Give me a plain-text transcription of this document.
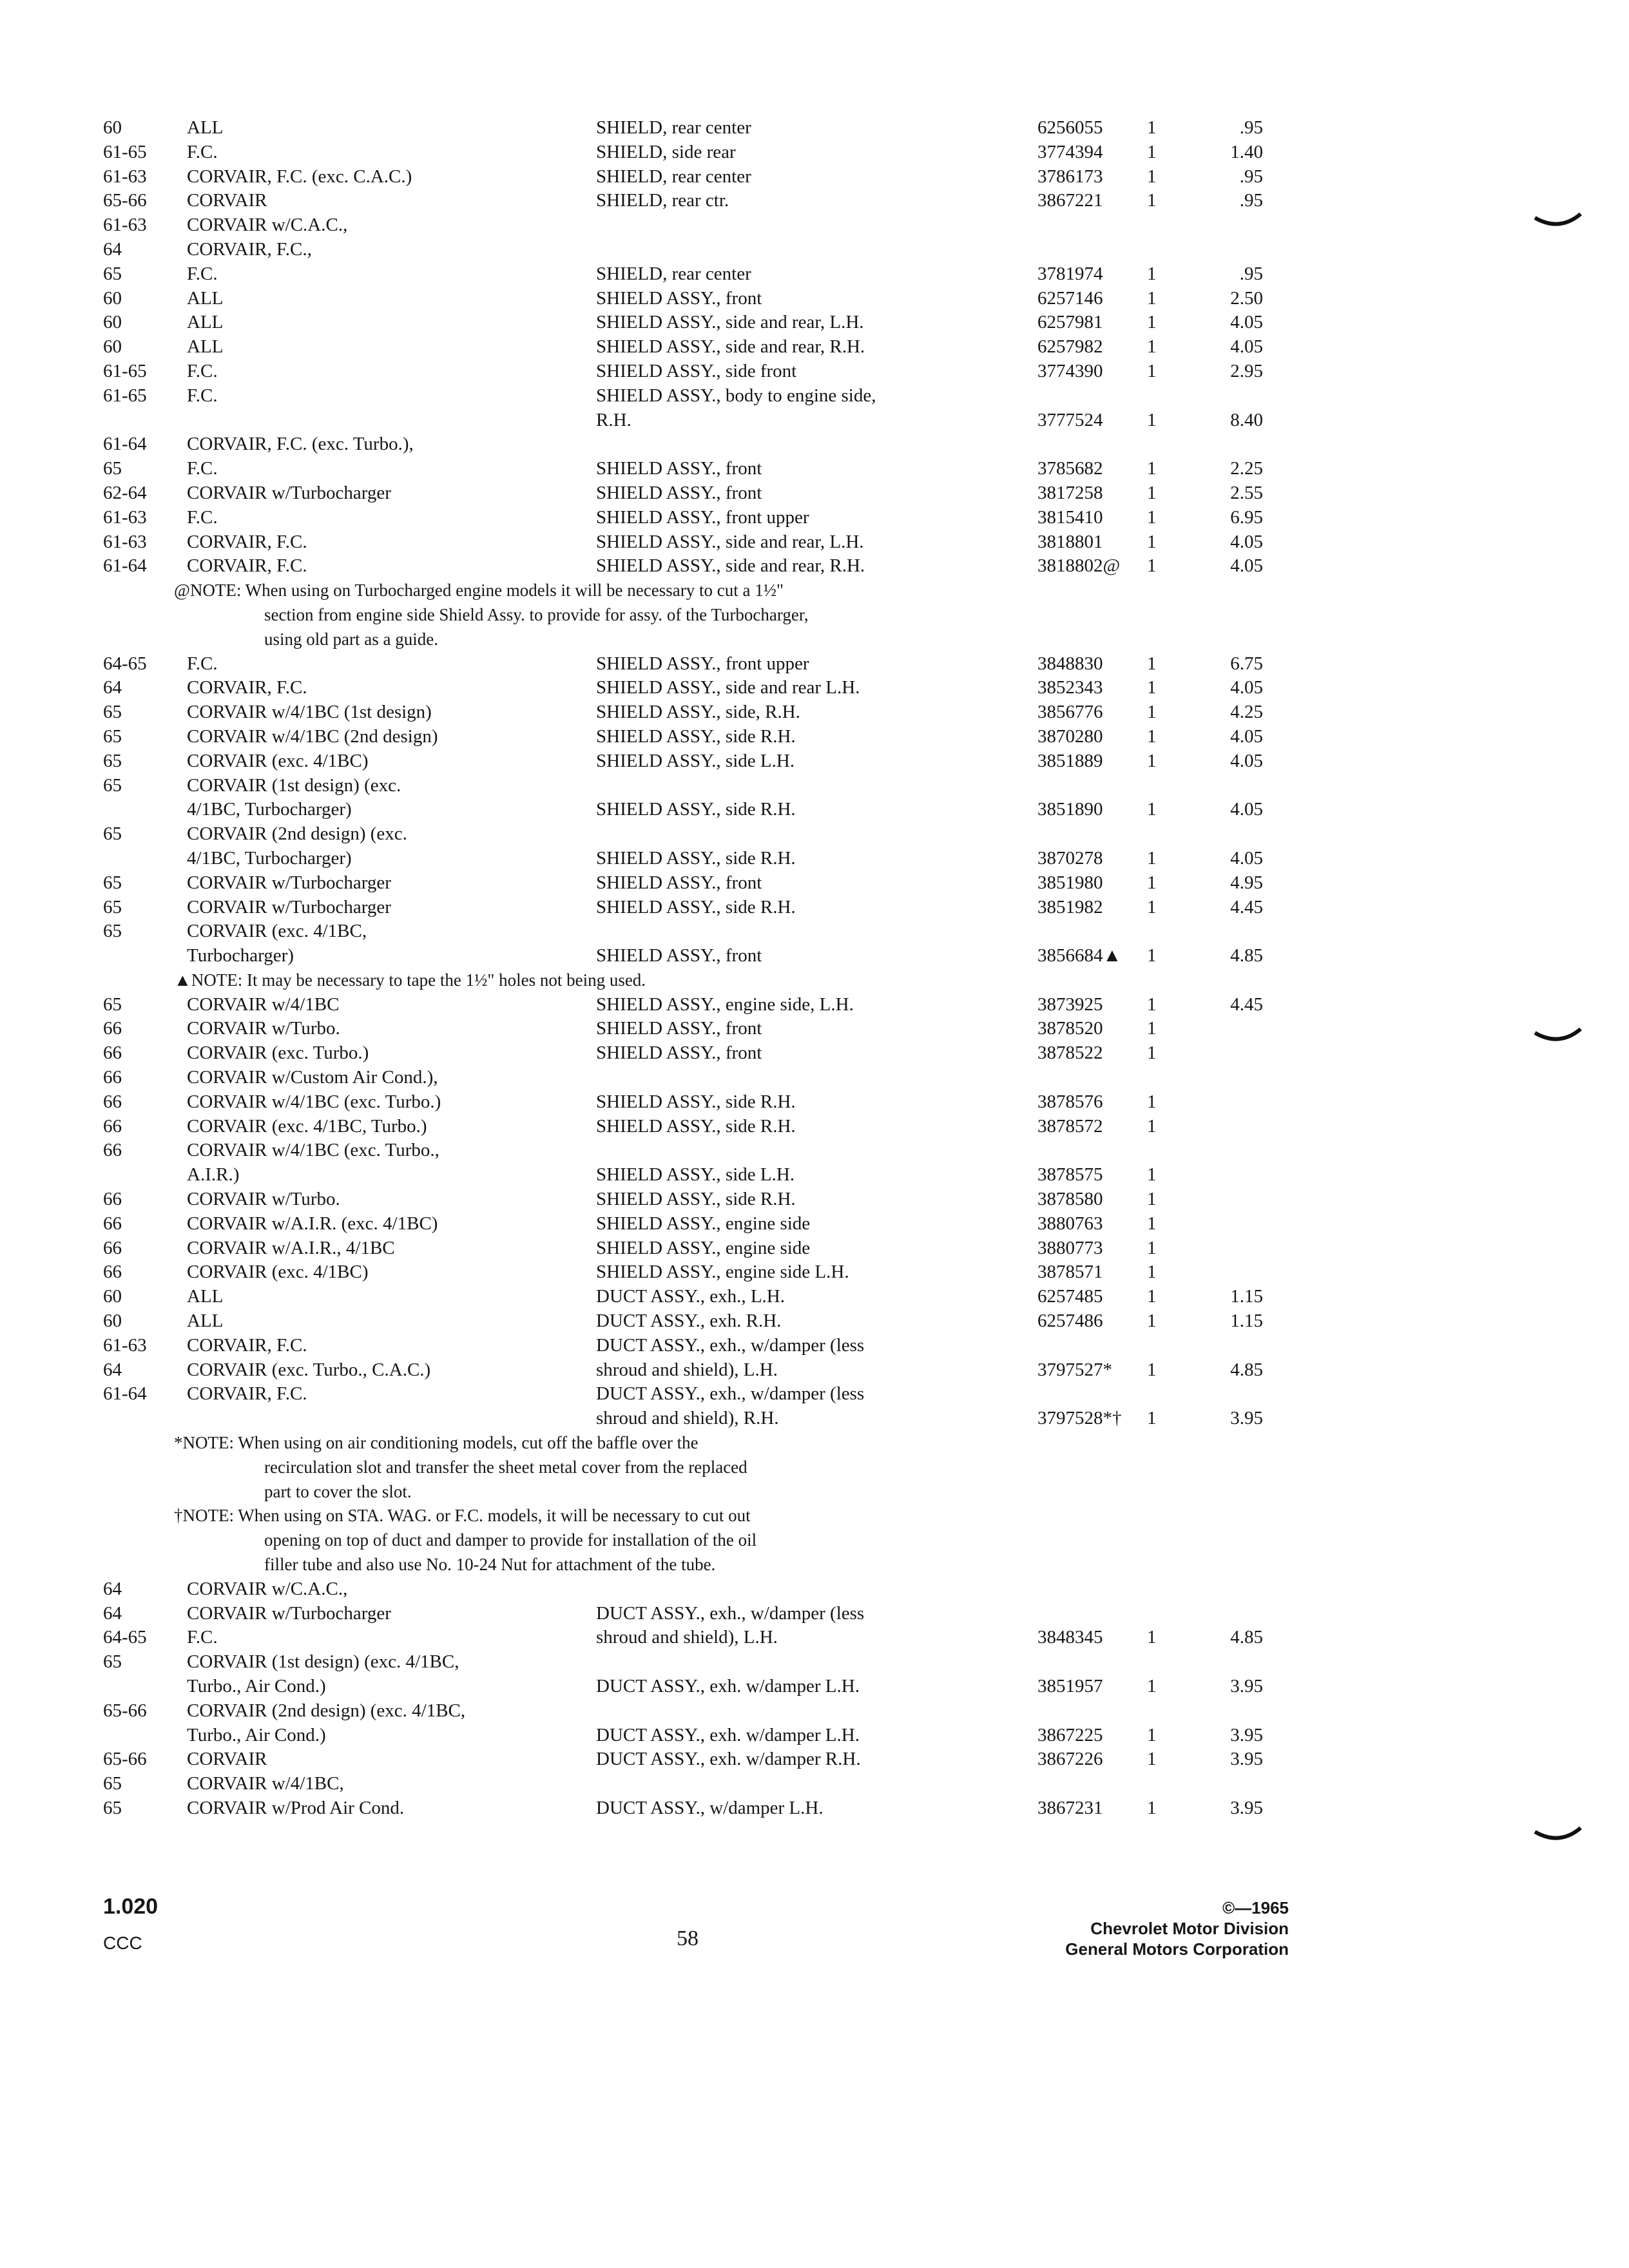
60	ALL	SHIELD, rear center	6256055	1	.95
61-65	F.C.	SHIELD, side rear	3774394	1	1.40
61-63	CORVAIR, F.C. (exc. C.A.C.)	SHIELD, rear center	3786173	1	.95
65-66	CORVAIR	SHIELD, rear ctr.	3867221	1	.95
61-63	CORVAIR w/C.A.C.,
64	CORVAIR, F.C.,
65	F.C.	SHIELD, rear center	3781974	1	.95
60	ALL	SHIELD ASSY., front	6257146	1	2.50
60	ALL	SHIELD ASSY., side and rear, L.H.	6257981	1	4.05
60	ALL	SHIELD ASSY., side and rear, R.H.	6257982	1	4.05
61-65	F.C.	SHIELD ASSY., side front	3774390	1	2.95
61-65	F.C.	SHIELD ASSY., body to engine side,
R.H.	3777524	1	8.40
61-64	CORVAIR, F.C. (exc. Turbo.),
65	F.C.	SHIELD ASSY., front	3785682	1	2.25
62-64	CORVAIR w/Turbocharger	SHIELD ASSY., front	3817258	1	2.55
61-63	F.C.	SHIELD ASSY., front upper	3815410	1	6.95
61-63	CORVAIR, F.C.	SHIELD ASSY., side and rear, L.H.	3818801	1	4.05
61-64	CORVAIR, F.C.	SHIELD ASSY., side and rear, R.H.	3818802@	1	4.05
@NOTE: When using on Turbocharged engine models it will be necessary to cut a 1½"
section from engine side Shield Assy. to provide for assy. of the Turbocharger,
using old part as a guide.
64-65	F.C.	SHIELD ASSY., front upper	3848830	1	6.75
64	CORVAIR, F.C.	SHIELD ASSY., side and rear L.H.	3852343	1	4.05
65	CORVAIR w/4/1BC (1st design)	SHIELD ASSY., side, R.H.	3856776	1	4.25
65	CORVAIR w/4/1BC (2nd design)	SHIELD ASSY., side R.H.	3870280	1	4.05
65	CORVAIR (exc. 4/1BC)	SHIELD ASSY., side L.H.	3851889	1	4.05
65	CORVAIR (1st design) (exc.
4/1BC, Turbocharger)	SHIELD ASSY., side R.H.	3851890	1	4.05
65	CORVAIR (2nd design) (exc.
4/1BC, Turbocharger)	SHIELD ASSY., side R.H.	3870278	1	4.05
65	CORVAIR w/Turbocharger	SHIELD ASSY., front	3851980	1	4.95
65	CORVAIR w/Turbocharger	SHIELD ASSY., side R.H.	3851982	1	4.45
65	CORVAIR (exc. 4/1BC,
Turbocharger)	SHIELD ASSY., front	3856684▲	1	4.85
▲NOTE: It may be necessary to tape the 1½" holes not being used.
65	CORVAIR w/4/1BC	SHIELD ASSY., engine side, L.H.	3873925	1	4.45
66	CORVAIR w/Turbo.	SHIELD ASSY., front	3878520	1
66	CORVAIR (exc. Turbo.)	SHIELD ASSY., front	3878522	1
66	CORVAIR w/Custom Air Cond.),
66	CORVAIR w/4/1BC (exc. Turbo.)	SHIELD ASSY., side R.H.	3878576	1
66	CORVAIR (exc. 4/1BC, Turbo.)	SHIELD ASSY., side R.H.	3878572	1
66	CORVAIR w/4/1BC (exc. Turbo.,
A.I.R.)	SHIELD ASSY., side L.H.	3878575	1
66	CORVAIR w/Turbo.	SHIELD ASSY., side R.H.	3878580	1
66	CORVAIR w/A.I.R. (exc. 4/1BC)	SHIELD ASSY., engine side	3880763	1
66	CORVAIR w/A.I.R., 4/1BC	SHIELD ASSY., engine side	3880773	1
66	CORVAIR (exc. 4/1BC)	SHIELD ASSY., engine side L.H.	3878571	1
60	ALL	DUCT ASSY., exh., L.H.	6257485	1	1.15
60	ALL	DUCT ASSY., exh. R.H.	6257486	1	1.15
61-63	CORVAIR, F.C.	DUCT ASSY., exh., w/damper (less
64	CORVAIR (exc. Turbo., C.A.C.)	shroud and shield), L.H.	3797527*	1	4.85
61-64	CORVAIR, F.C.	DUCT ASSY., exh., w/damper (less
shroud and shield), R.H.	3797528*†	1	3.95
*NOTE: When using on air conditioning models, cut off the baffle over the
recirculation slot and transfer the sheet metal cover from the replaced
part to cover the slot.
†NOTE: When using on STA. WAG. or F.C. models, it will be necessary to cut out
opening on top of duct and damper to provide for installation of the oil
filler tube and also use No. 10-24 Nut for attachment of the tube.
64	CORVAIR w/C.A.C.,
64	CORVAIR w/Turbocharger	DUCT ASSY., exh., w/damper (less
64-65	F.C.	shroud and shield), L.H.	3848345	1	4.85
65	CORVAIR (1st design) (exc. 4/1BC,
Turbo., Air Cond.)	DUCT ASSY., exh. w/damper L.H.	3851957	1	3.95
65-66	CORVAIR (2nd design) (exc. 4/1BC,
Turbo., Air Cond.)	DUCT ASSY., exh. w/damper L.H.	3867225	1	3.95
65-66	CORVAIR	DUCT ASSY., exh. w/damper R.H.	3867226	1	3.95
65	CORVAIR w/4/1BC,
65	CORVAIR w/Prod Air Cond.	DUCT ASSY., w/damper L.H.	3867231	1	3.95
1.020
CCC	58
©—1965
Chevrolet Motor Division
General Motors Corporation
